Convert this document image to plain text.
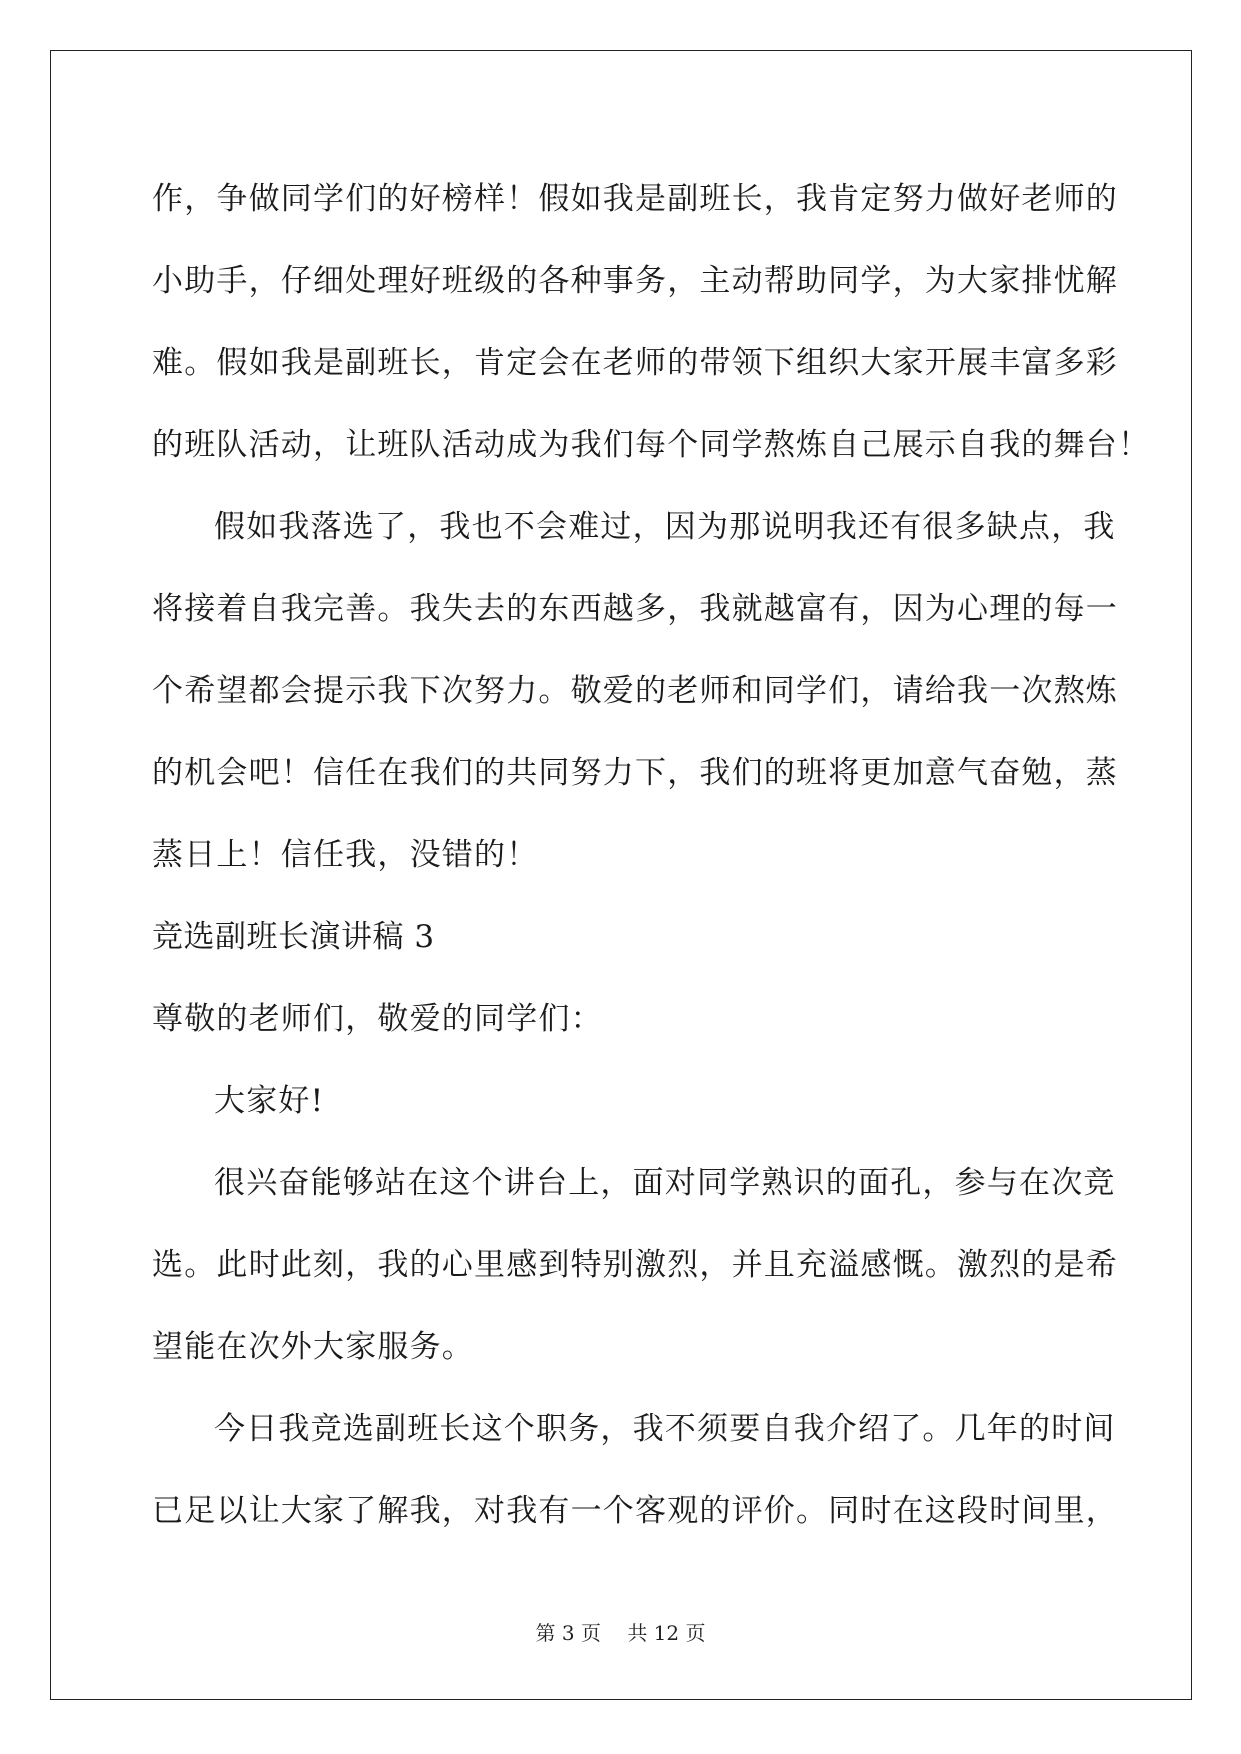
作，争做同学们的好榜样！假如我是副班长，我肯定努力做好老师的
小助手，仔细处理好班级的各种事务，主动帮助同学，为大家排忧解
难。假如我是副班长，肯定会在老师的带领下组织大家开展丰富多彩
的班队活动，让班队活动成为我们每个同学熬炼自己展示自我的舞台！
假如我落选了，我也不会难过，因为那说明我还有很多缺点，我
将接着自我完善。我失去的东西越多，我就越富有，因为心理的每一
个希望都会提示我下次努力。敬爱的老师和同学们，请给我一次熬炼
的机会吧！信任在我们的共同努力下，我们的班将更加意气奋勉，蒸
蒸日上！信任我，没错的！
竞选副班长演讲稿 3
尊敬的老师们，敬爱的同学们：
大家好!
很兴奋能够站在这个讲台上，面对同学熟识的面孔，参与在次竞
选。此时此刻，我的心里感到特别激烈，并且充溢感慨。激烈的是希
望能在次外大家服务。
今日我竞选副班长这个职务，我不须要自我介绍了。几年的时间
已足以让大家了解我，对我有一个客观的评价。同时在这段时间里，
第 3 页 共 12 页
